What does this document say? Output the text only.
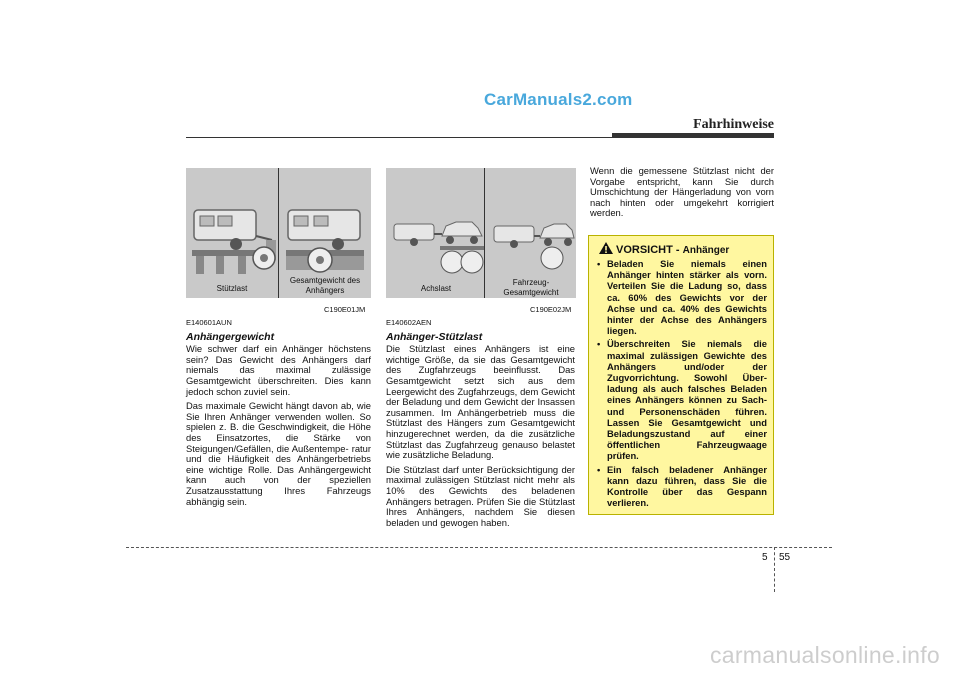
CarManuals2.com
Fahrhinweise
Stützlast
Gesamtgewicht des
Anhängers
C190E01JM
Achslast
Fahrzeug-
Gesamtgewicht
C190E02JM
E140601AUN
Anhängergewicht

Wie schwer darf ein Anhänger höchstens sein? Das Gewicht des Anhängers darf niemals das maximal zulässige Gesamtgewicht überschreiten. Dies kann jedoch schon zuviel sein.

Das maximale Gewicht hängt davon ab, wie Sie Ihren Anhänger verwenden wollen. So spielen z. B. die Geschwindigkeit, die Höhe des Einsatzortes, die Stärke von Steigungen/Gefällen, die Außentempe- ratur und die Häufigkeit des Anhängerbetriebs eine wichtige Rolle. Das Anhängergewicht kann auch von der speziellen Zusatzausstattung Ihres Fahrzeugs abhängig sein.

E140602AEN
Anhänger-Stützlast

Die Stützlast eines Anhängers ist eine wichtige Größe, da sie das Gesamtgewicht des Zugfahrzeugs beeinflusst. Das Gesamtgewicht setzt sich aus dem Leergewicht des Zugfahrzeugs, dem Gewicht der Beladung und dem Gewicht der Insassen zusammen. Im Anhängerbetrieb muss die Stützlast des Hängers zum Gesamtgewicht hinzugerechnet werden, da die zusätzliche Stützlast das Zugfahrzeug genauso belastet wie zusätzliche Beladung.

Die Stützlast darf unter Berücksichtigung der maximal zulässigen Stützlast nicht mehr als 10% des Gewichts des beladenen Anhängers betragen. Prüfen Sie die Stützlast Ihres Anhängers, nachdem Sie diesen beladen und gewogen haben.

Wenn die gemessene Stützlast nicht der Vorgabe entspricht, kann Sie durch Umschichtung der Hängerladung von vorn nach hinten oder umgekehrt korrigiert werden.

VORSICHT - Anhänger
• Beladen Sie niemals einen Anhänger hinten stärker als vorn. Verteilen Sie die Ladung so, dass ca. 60% des Gewichts vor der Achse und ca. 40% des Gewichts hinter der Achse des Anhängers liegen.
• Überschreiten Sie niemals die maximal zulässigen Gewichte des Anhängers und/oder der Zugvorrichtung. Sowohl Über- ladung als auch falsches Beladen eines Anhängers können zu Sach- und Personenschäden führen. Lassen Sie Gesamtgewicht und Beladungszustand auf einer öffentlichen Fahrzeugwaage prüfen.
• Ein falsch beladener Anhänger kann dazu führen, dass Sie die Kontrolle über das Gespann verlieren.
5 55
carmanualsonline.info
